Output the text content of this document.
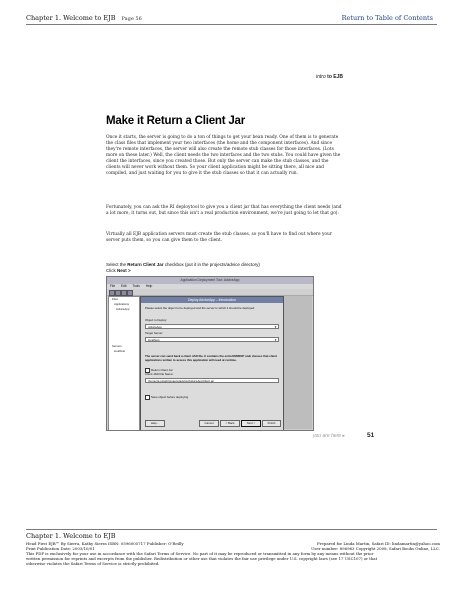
Chapter 1. Welcome to EJB Page 56	Return to Table of Contents
intro to EJB
Make it Return a Client Jar

Once it starts, the server is going to do a ton of things to get your bean ready. One of them is to generate the class files that implement your two interfaces (the home and the component interfaces). And since they're remote interfaces, the server will also create the remote stub classes for those interfaces. (Lots more on these later.) Well, the client needs the two interfaces and the two stubs. You could have given the client the interfaces, since you created those. But only the server can make the stub classes, and the clients will never work without them. So your client application might be sitting there, all nice and compiled, and just waiting for you to give it the stub classes so that it can actually run.

Fortunately, you can ask the RI deploytool to give you a client jar that has everything the client needs (and a lot more, it turns out, but since this isn't a real production environment, we're just going to let that go).

Virtually all EJB application servers must create the stub classes, so you'll have to find out where your server puts them, so you can give them to the client.

Select the Return Client Jar checkbox (put it in the projects/advice directory)
Click Next >
Application Deployment Tool: AdviceApp
File Edit Tools Help
Files
Applications
AdviceApp
Servers
localhost
Deploy AdviceApp – Introduction
Please select the object to be deployed and the server to which it should be deployed:
Object to Deploy:
AdviceApp	▼
Target Server:
localhost	▼
The server can send back a client JAR file. It contains the extra RMI/IIOP stub classes that client applications written to access this application will need at runtime.
Return Client Jar
Client JAR File Name:
/home/ra.ps/ejb/projects/advice/AdviceAppClient.jar
Save object before deploying
Help...	Cancel	< Back	Next >	Finish
you are here ▸	51
Chapter 1. Welcome to EJB
Head First EJB™ By Sierra, Kathy Sierra ISBN: 0596005717 Publisher: O'Reilly	Prepared for Linda Martin, Safari ID: lindamartin@yahoo.com
Print Publication Date: 2003/10/01	User number: 896963 Copyright 2008, Safari Books Online, LLC.
This PDF is exclusively for your use in accordance with the Safari Terms of Service. No part of it may be reproduced or transmitted in any form by any means without the prior
written permission for reprints and excerpts from the publisher. Redistribution or other use that violates the fair use privilege under U.S. copyright laws (see 17 USC107) or that
otherwise violates the Safari Terms of Service is strictly prohibited.
